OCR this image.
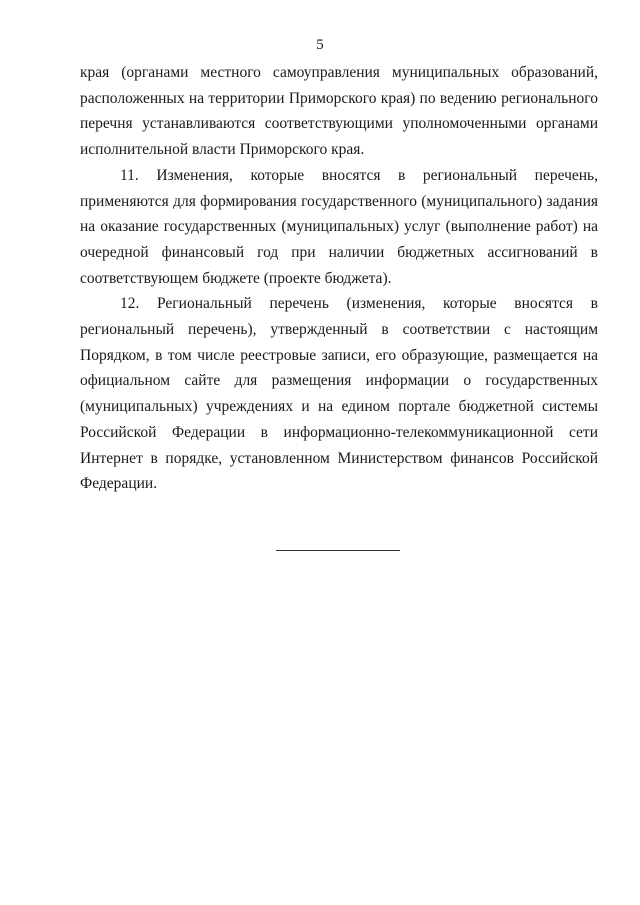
5

края (органами местного самоуправления муниципальных образований, расположенных на территории Приморского края) по ведению регионального перечня устанавливаются соответствующими уполномоченными органами исполнительной власти Приморского края.

11. Изменения, которые вносятся в региональный перечень, применяются для формирования государственного (муниципального) задания на оказание государственных (муниципальных) услуг (выполнение работ) на очередной финансовый год при наличии бюджетных ассигнований в соответствующем бюджете (проекте бюджета).

12. Региональный перечень (изменения, которые вносятся в региональный перечень), утвержденный в соответствии с настоящим Порядком, в том числе реестровые записи, его образующие, размещается на официальном сайте для размещения информации о государственных (муниципальных) учреждениях и на едином портале бюджетной системы Российской Федерации в информационно-телекоммуникационной сети Интернет в порядке, установленном Министерством финансов Российской Федерации.
